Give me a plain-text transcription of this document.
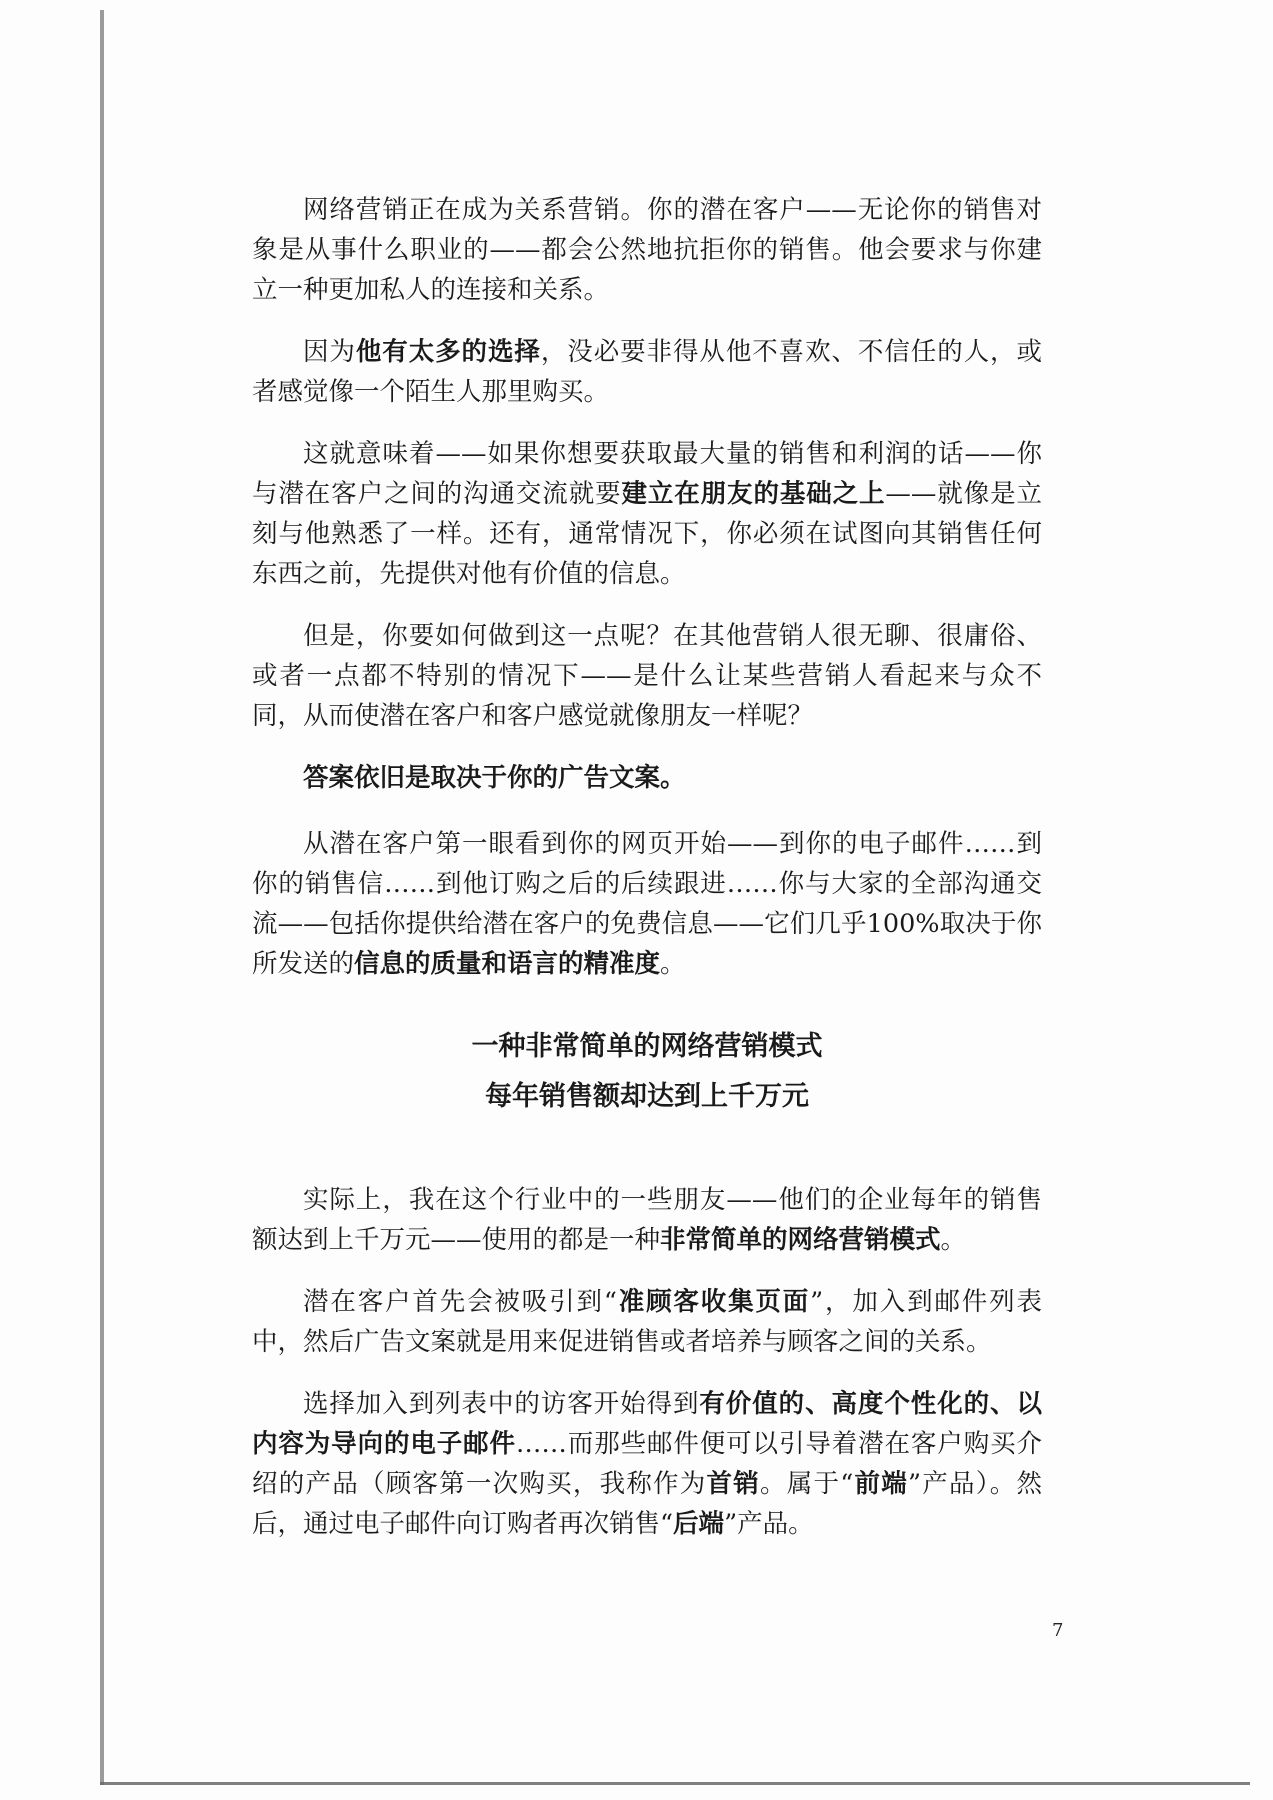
网络营销正在成为关系营销。你的潜在客户——无论你的销售对象是从事什么职业的——都会公然地抗拒你的销售。他会要求与你建立一种更加私人的连接和关系。

因为他有太多的选择，没必要非得从他不喜欢、不信任的人，或者感觉像一个陌生人那里购买。

这就意味着——如果你想要获取最大量的销售和利润的话——你与潜在客户之间的沟通交流就要建立在朋友的基础之上——就像是立刻与他熟悉了一样。还有，通常情况下，你必须在试图向其销售任何东西之前，先提供对他有价值的信息。

但是，你要如何做到这一点呢？在其他营销人很无聊、很庸俗、或者一点都不特别的情况下——是什么让某些营销人看起来与众不同，从而使潜在客户和客户感觉就像朋友一样呢？

答案依旧是取决于你的广告文案。

从潜在客户第一眼看到你的网页开始——到你的电子邮件……到你的销售信……到他订购之后的后续跟进……你与大家的全部沟通交流——包括你提供给潜在客户的免费信息——它们几乎100%取决于你所发送的信息的质量和语言的精准度。

一种非常简单的网络营销模式
每年销售额却达到上千万元

实际上，我在这个行业中的一些朋友——他们的企业每年的销售额达到上千万元——使用的都是一种非常简单的网络营销模式。

潜在客户首先会被吸引到“准顾客收集页面”，加入到邮件列表中，然后广告文案就是用来促进销售或者培养与顾客之间的关系。

选择加入到列表中的访客开始得到有价值的、高度个性化的、以内容为导向的电子邮件……而那些邮件便可以引导着潜在客户购买介绍的产品（顾客第一次购买，我称作为首销。属于“前端”产品）。然后，通过电子邮件向订购者再次销售“后端”产品。

7
